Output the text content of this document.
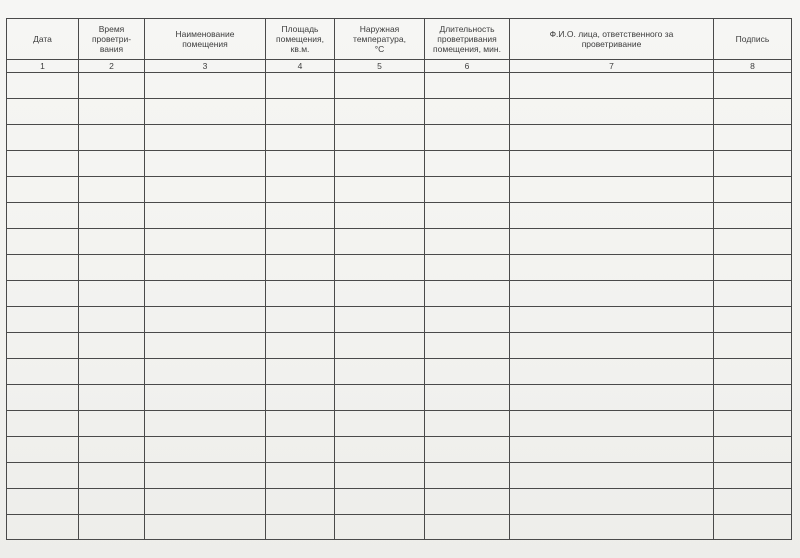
Дата	Время проветри-вания	Наименование помещения	Площадь помещения, кв.м.	Наружная температура, °С	Длительность проветривания помещения, мин.	Ф.И.О. лица, ответственного за проветривание	Подпись

1	2	3	4	5	6	7	8
